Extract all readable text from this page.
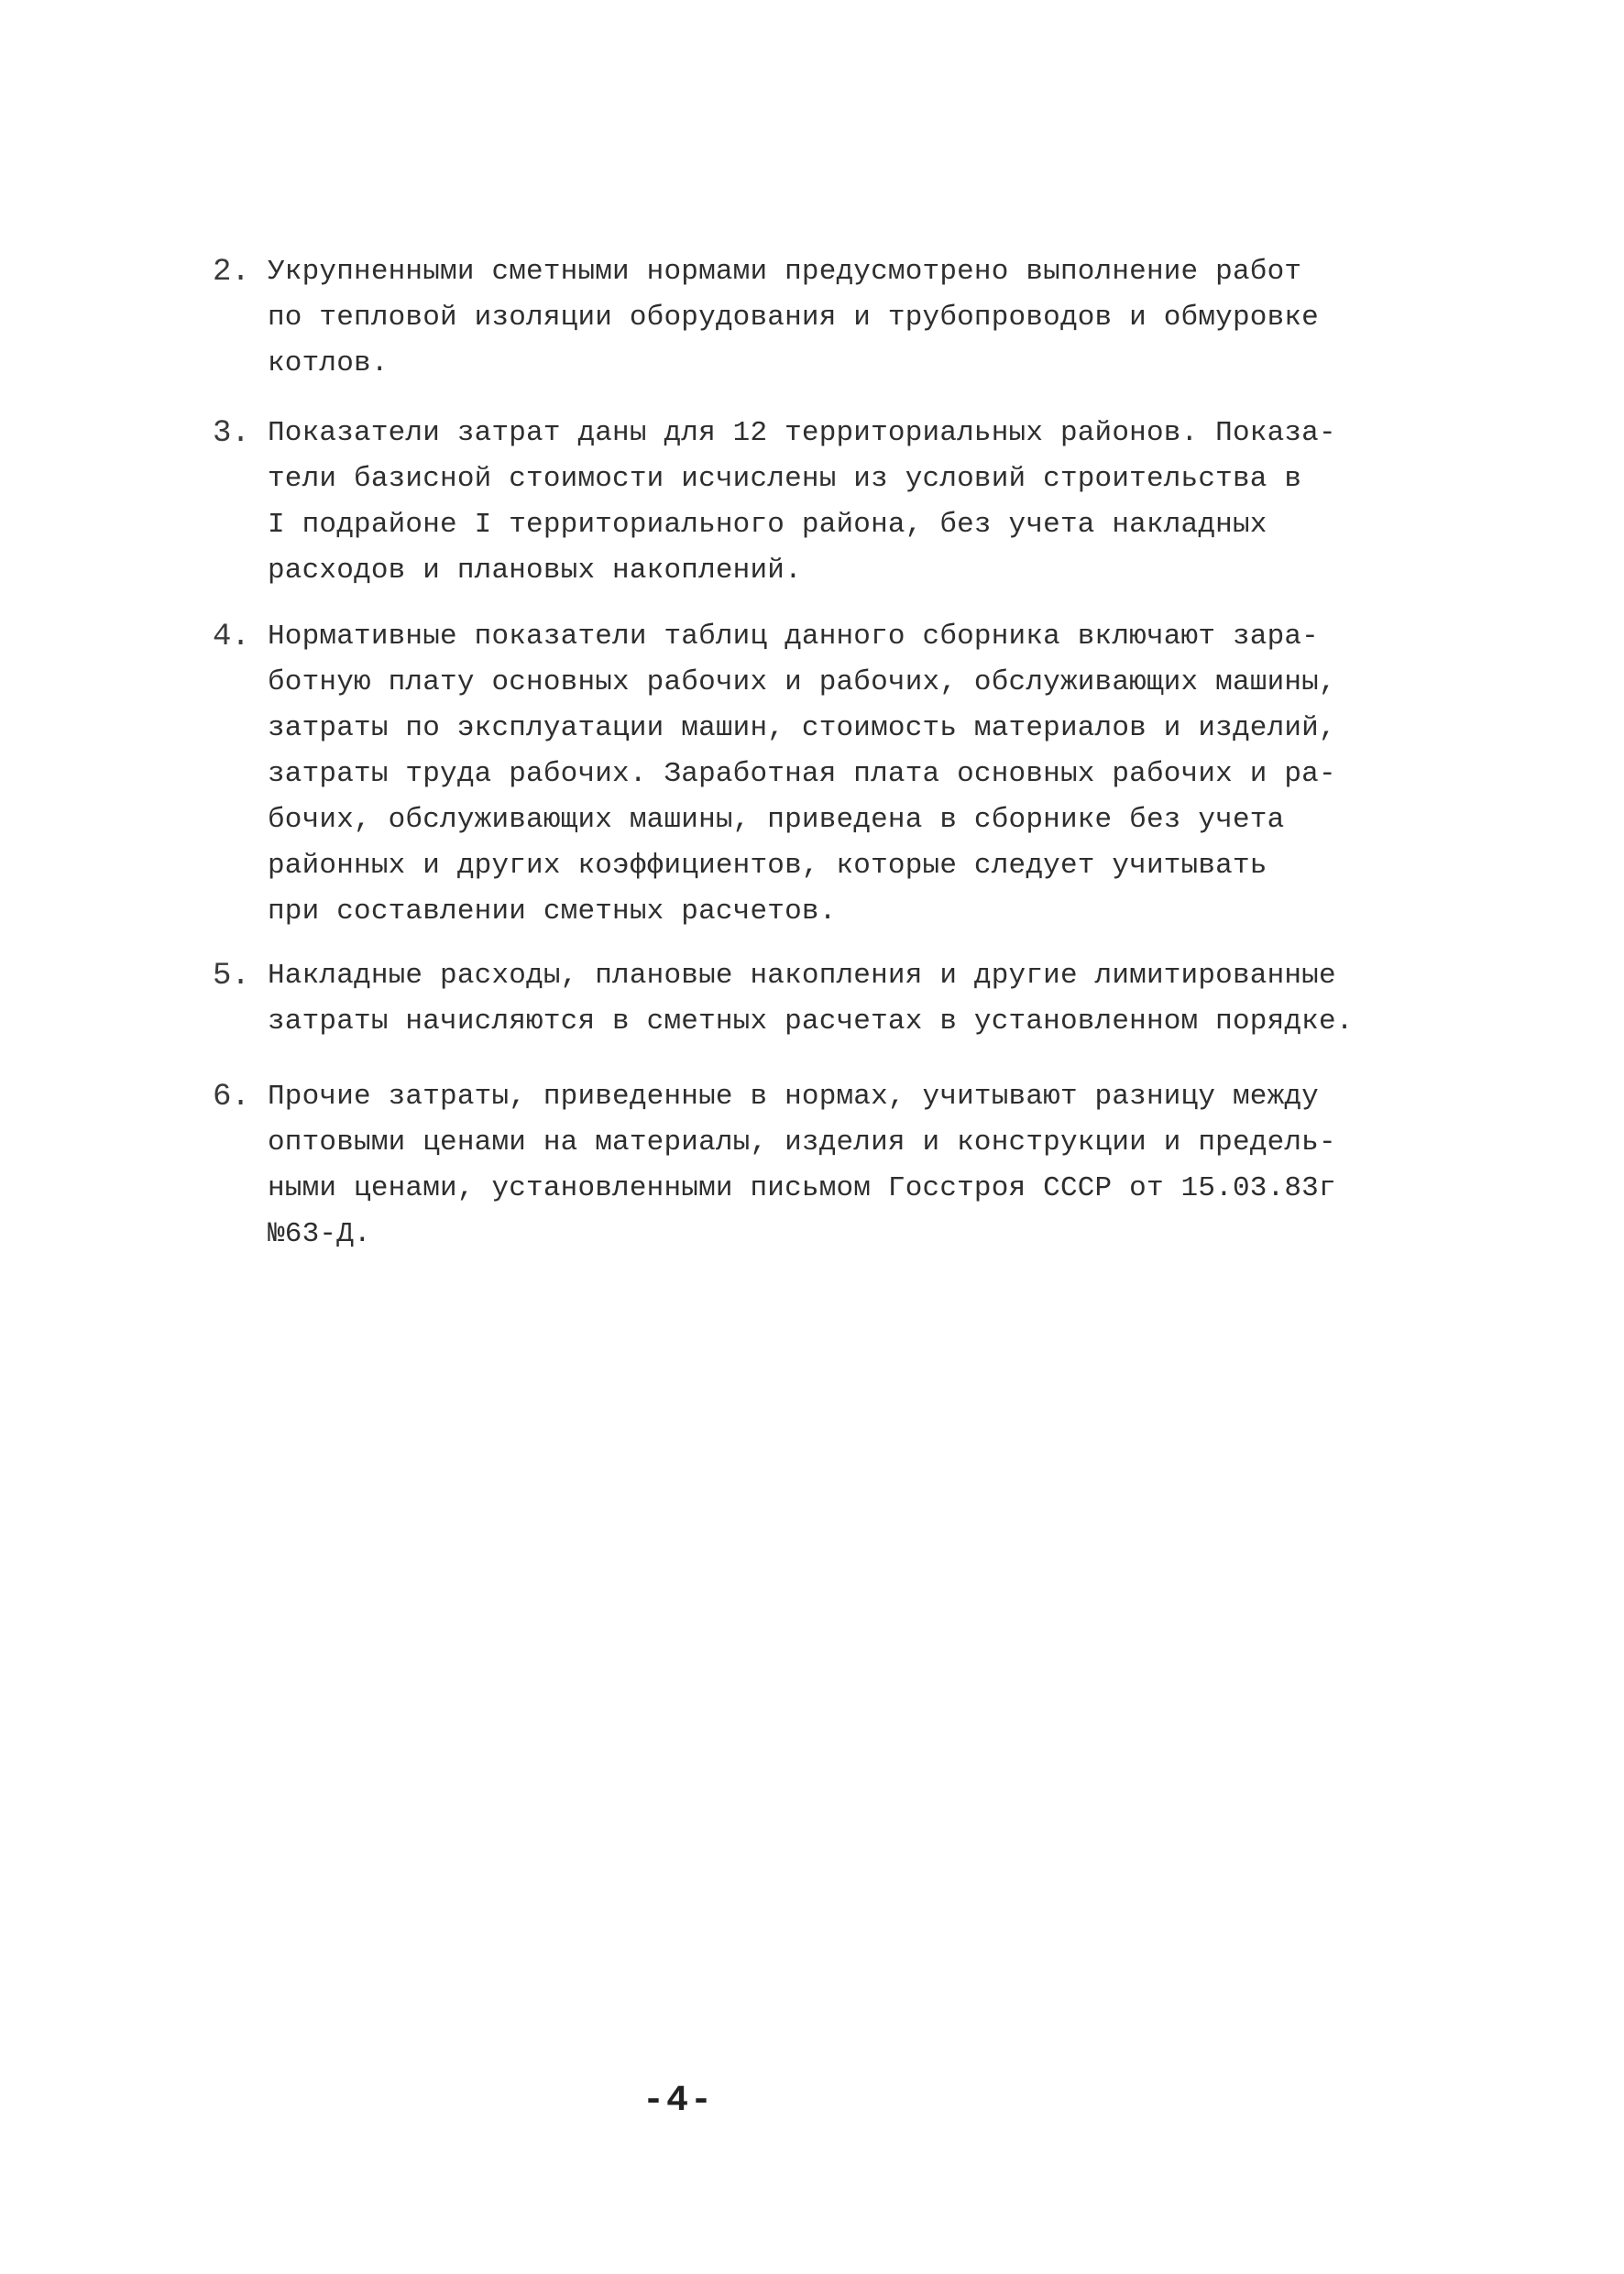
2. Укрупненными сметными нормами предусмотрено выполнение работ
по тепловой изоляции оборудования и трубопроводов и обмуровке
котлов.
3. Показатели затрат даны для 12 территориальных районов. Показа-
тели базисной стоимости исчислены из условий строительства в
I подрайоне I территориального района, без учета накладных
расходов и плановых накоплений.
4. Нормативные показатели таблиц данного сборника включают зара-
ботную плату основных рабочих и рабочих, обслуживающих машины,
затраты по эксплуатации машин, стоимость материалов и изделий,
затраты труда рабочих. Заработная плата основных рабочих и ра-
бочих, обслуживающих машины, приведена в сборнике без учета
районных и других коэффициентов, которые следует учитывать
при составлении сметных расчетов.
5. Накладные расходы, плановые накопления и другие лимитированные
затраты начисляются в сметных расчетах в установленном порядке.
6. Прочие затраты, приведенные в нормах, учитывают разницу между
оптовыми ценами на материалы, изделия и конструкции и предель-
ными ценами, установленными письмом Госстроя СССР от 15.03.83г
№63-Д.
-4-
